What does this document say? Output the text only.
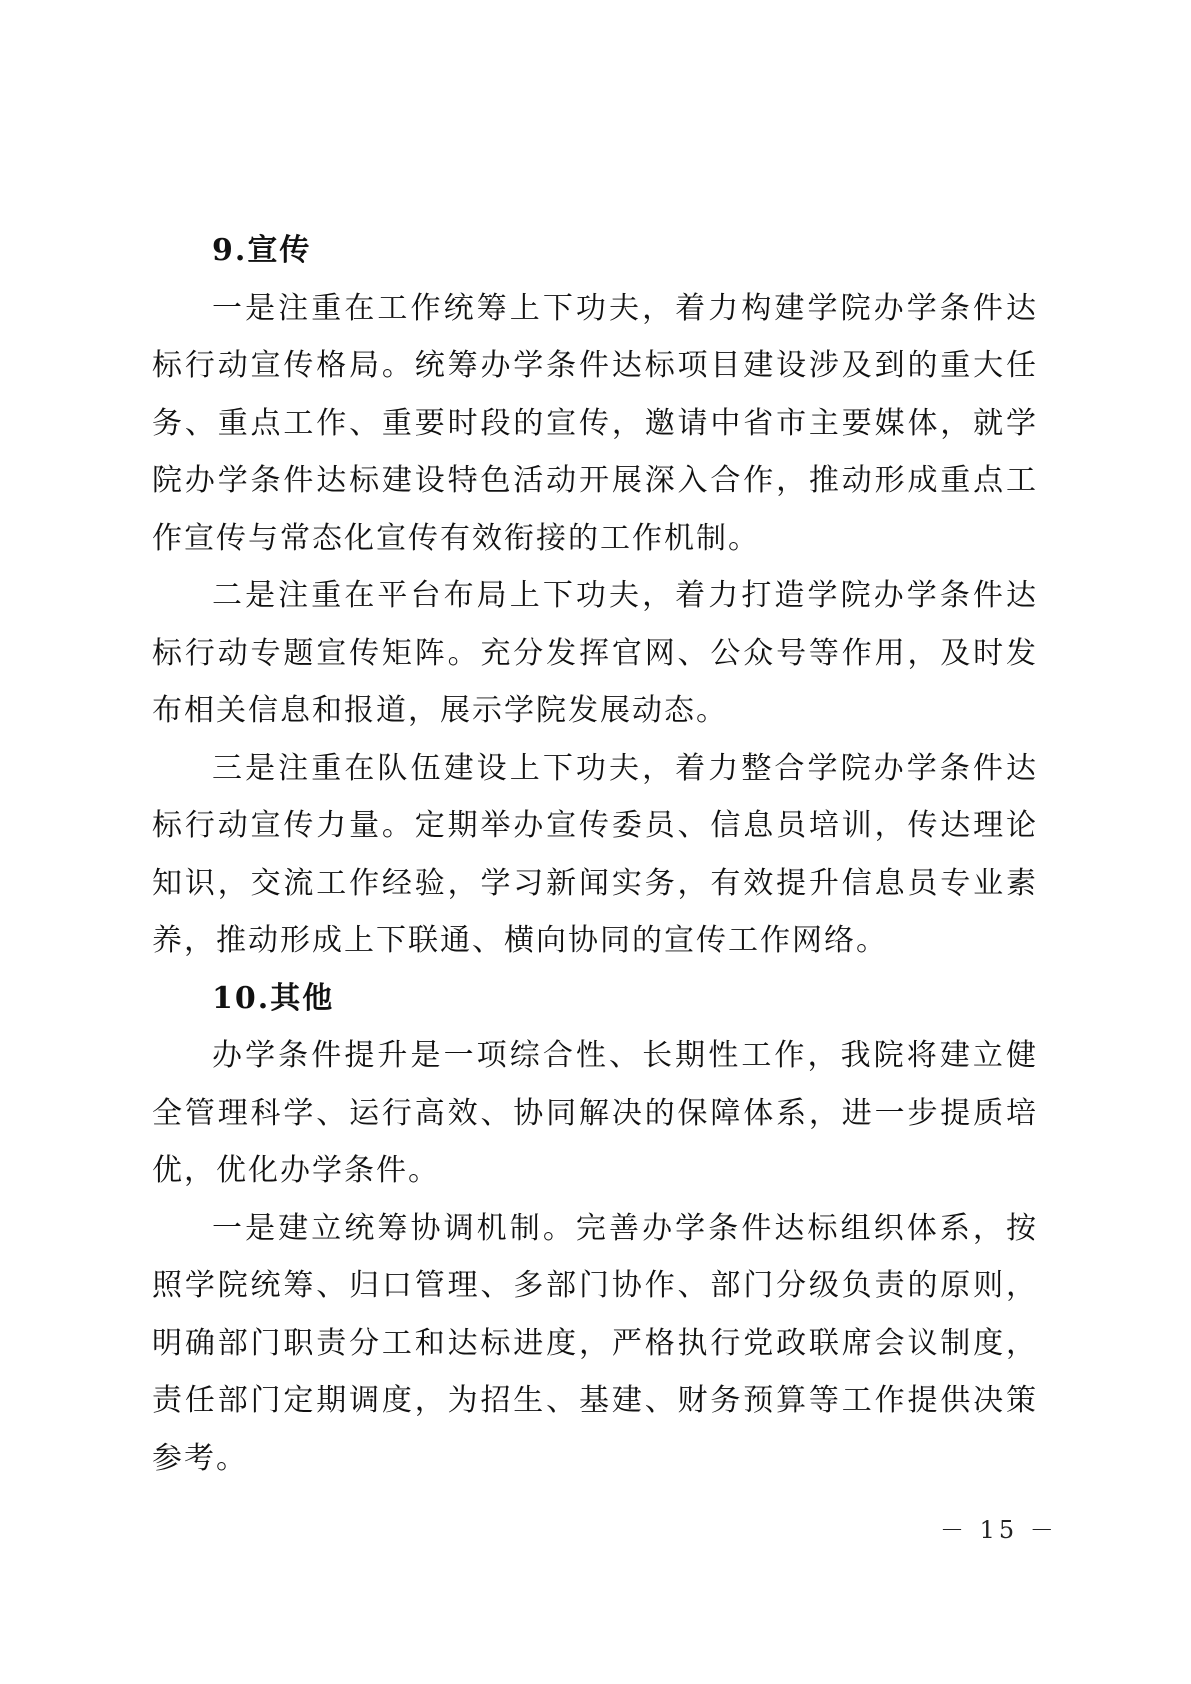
9.宣传

一是注重在工作统筹上下功夫，着力构建学院办学条件达标行动宣传格局。统筹办学条件达标项目建设涉及到的重大任务、重点工作、重要时段的宣传，邀请中省市主要媒体，就学院办学条件达标建设特色活动开展深入合作，推动形成重点工作宣传与常态化宣传有效衔接的工作机制。

二是注重在平台布局上下功夫，着力打造学院办学条件达标行动专题宣传矩阵。充分发挥官网、公众号等作用，及时发布相关信息和报道，展示学院发展动态。

三是注重在队伍建设上下功夫，着力整合学院办学条件达标行动宣传力量。定期举办宣传委员、信息员培训，传达理论知识，交流工作经验，学习新闻实务，有效提升信息员专业素养，推动形成上下联通、横向协同的宣传工作网络。

10.其他

办学条件提升是一项综合性、长期性工作，我院将建立健全管理科学、运行高效、协同解决的保障体系，进一步提质培优，优化办学条件。

一是建立统筹协调机制。完善办学条件达标组织体系，按照学院统筹、归口管理、多部门协作、部门分级负责的原则，明确部门职责分工和达标进度，严格执行党政联席会议制度，责任部门定期调度，为招生、基建、财务预算等工作提供决策参考。

－ 15 －
